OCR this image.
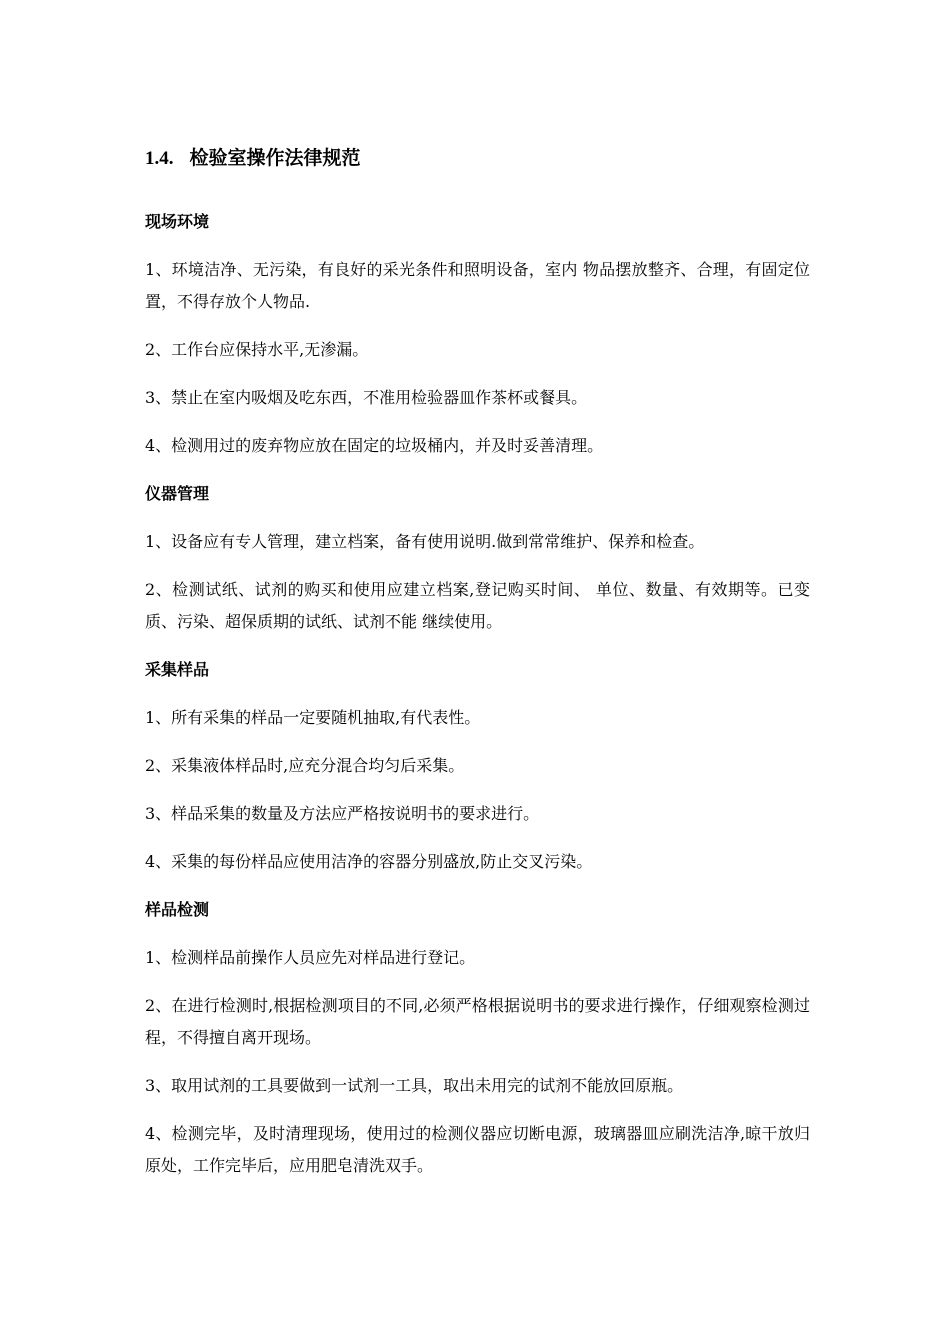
1.4. 检验室操作法律规范
现场环境
1、环境洁净、无污染，有良好的采光条件和照明设备，室内 物品摆放整齐、合理，有固定位置，不得存放个人物品.
2、工作台应保持水平,无渗漏。
3、禁止在室内吸烟及吃东西，不准用检验器皿作茶杯或餐具。
4、检测用过的废弃物应放在固定的垃圾桶内，并及时妥善清理。
仪器管理
1、设备应有专人管理，建立档案，备有使用说明.做到常常维护、保养和检查。
2、检测试纸、试剂的购买和使用应建立档案,登记购买时间、 单位、数量、有效期等。已变质、污染、超保质期的试纸、试剂不能 继续使用。
采集样品
1、所有采集的样品一定要随机抽取,有代表性。
2、采集液体样品时,应充分混合均匀后采集。
3、样品采集的数量及方法应严格按说明书的要求进行。
4、采集的每份样品应使用洁净的容器分别盛放,防止交叉污染。
样品检测
1、检测样品前操作人员应先对样品进行登记。
2、在进行检测时,根据检测项目的不同,必须严格根据说明书的要求进行操作，仔细观察检测过程，不得擅自离开现场。
3、取用试剂的工具要做到一试剂一工具，取出未用完的试剂不能放回原瓶。
4、检测完毕，及时清理现场，使用过的检测仪器应切断电源，玻璃器皿应刷洗洁净,晾干放归原处，工作完毕后，应用肥皂清洗双手。
